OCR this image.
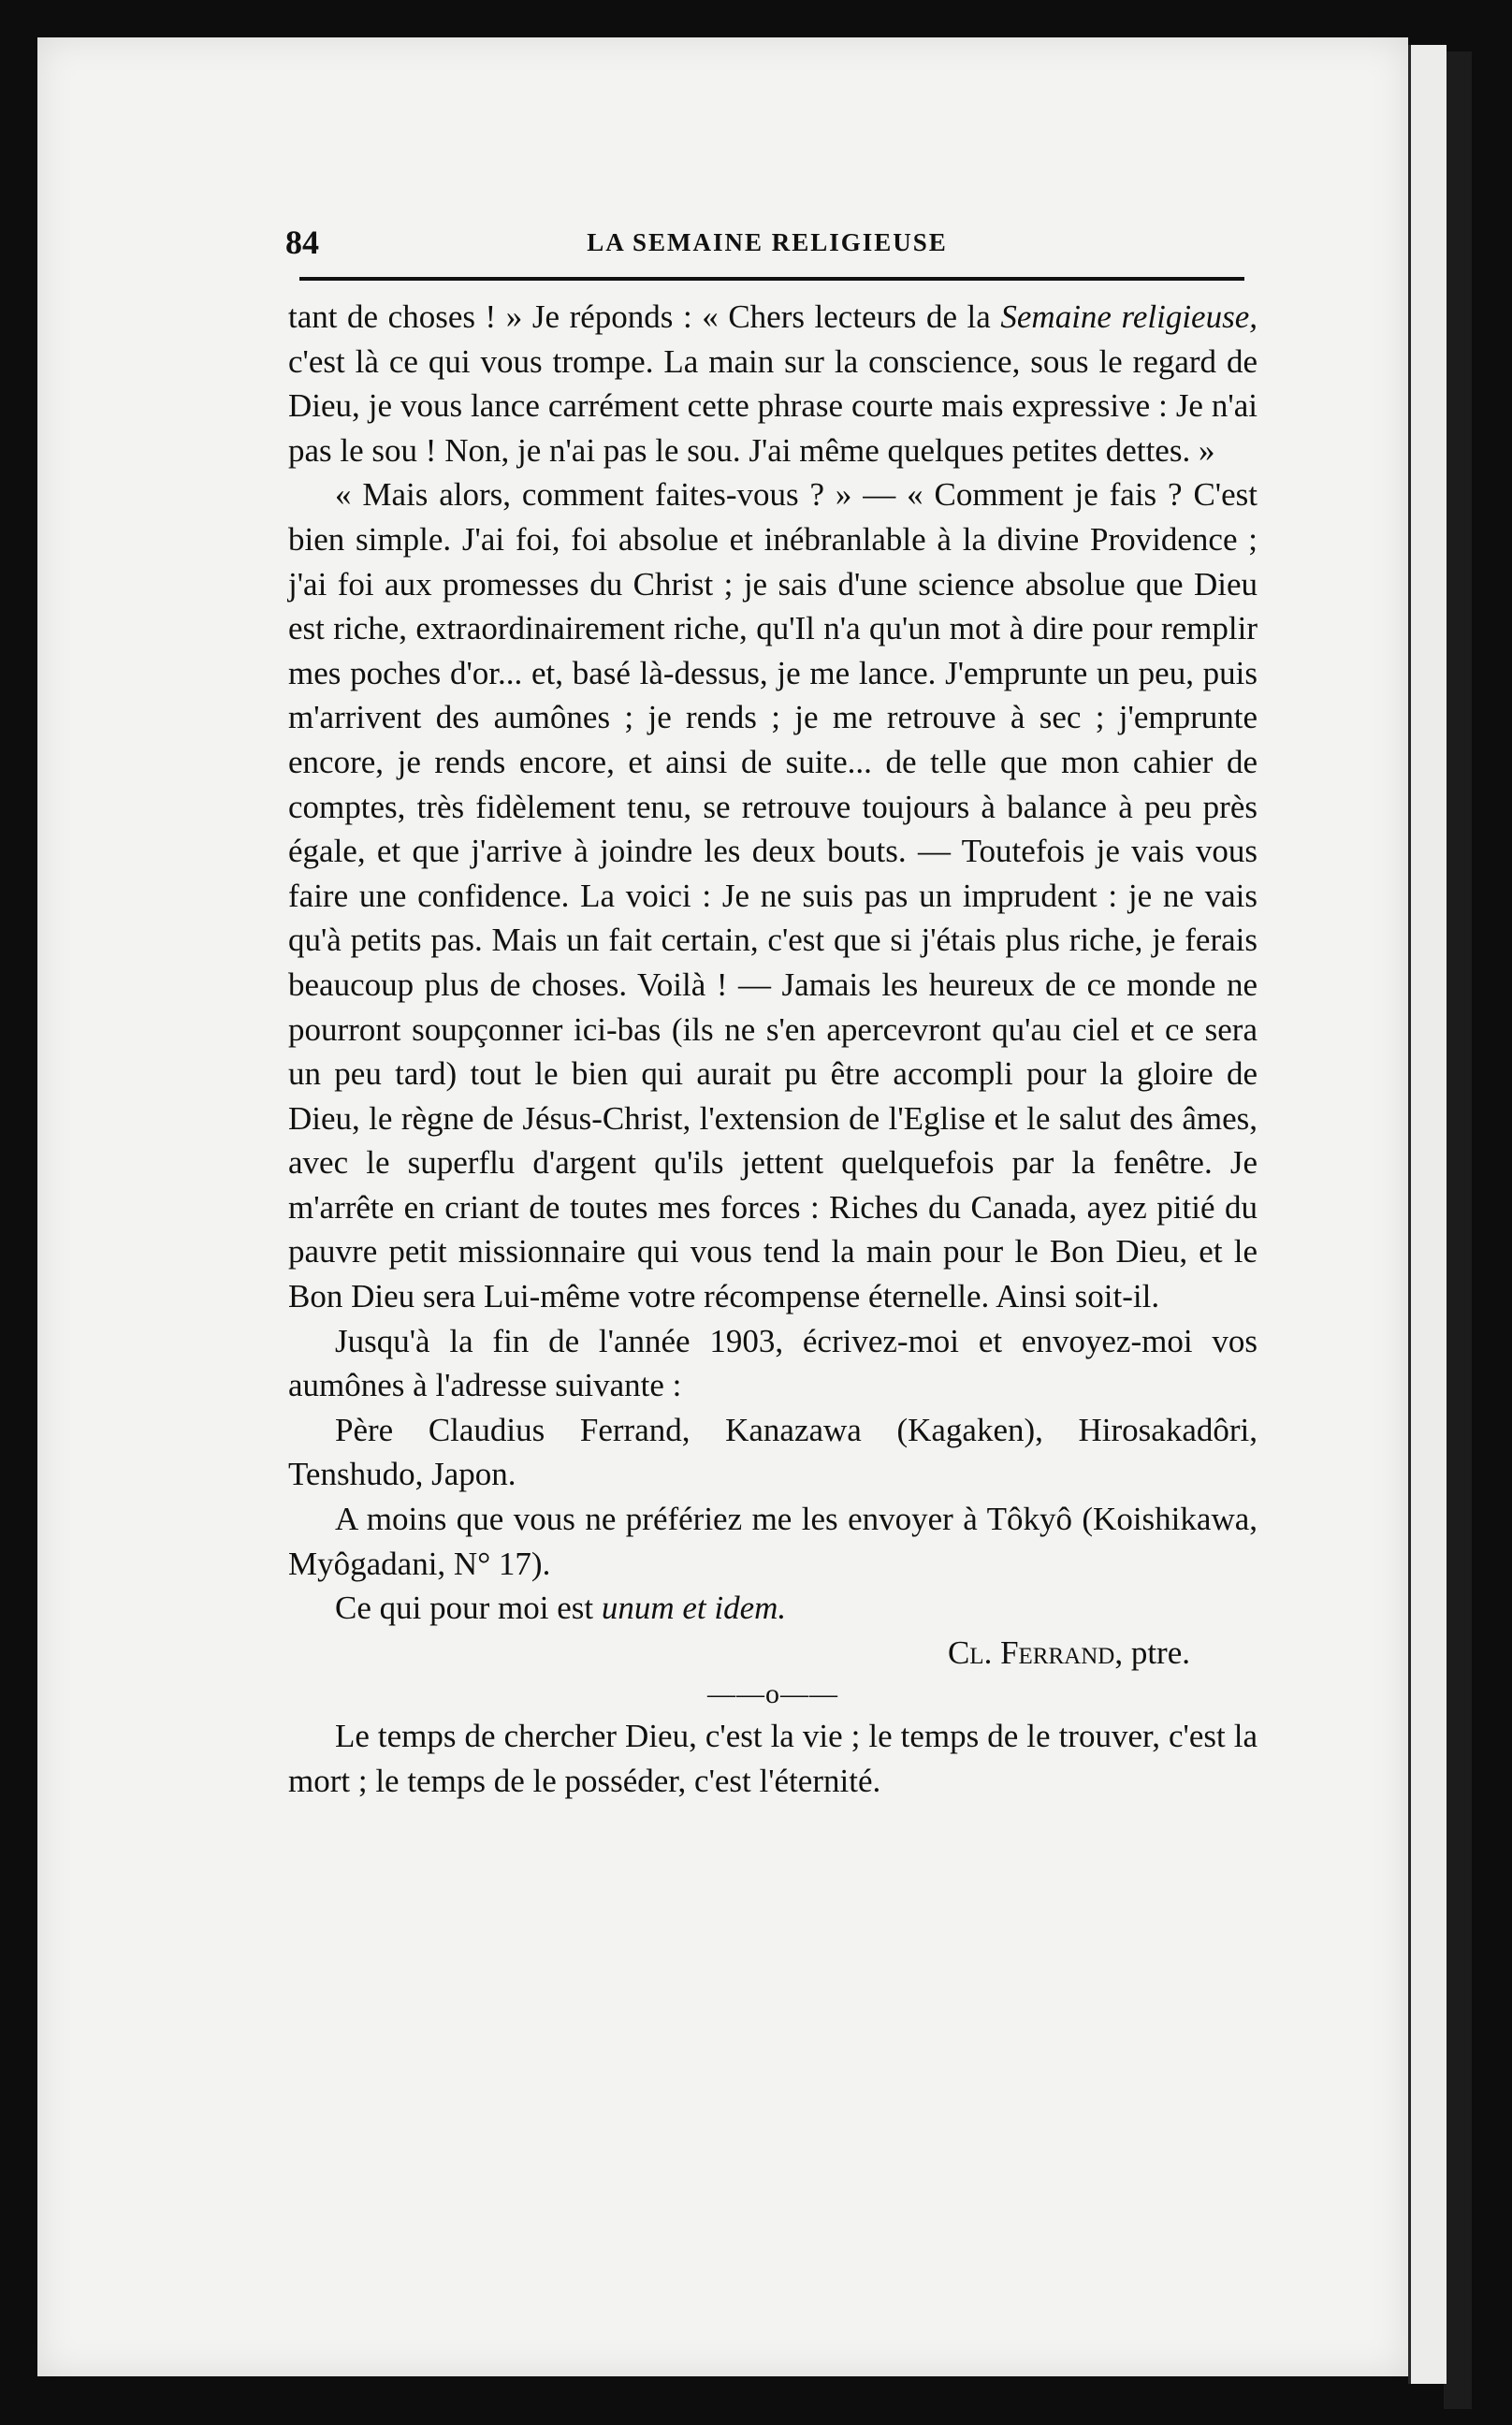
84	LA SEMAINE RELIGIEUSE

tant de choses ! » Je réponds : « Chers lecteurs de la Semaine religieuse, c'est là ce qui vous trompe. La main sur la conscience, sous le regard de Dieu, je vous lance carrément cette phrase courte mais expressive : Je n'ai pas le sou ! Non, je n'ai pas le sou. J'ai même quelques petites dettes. »

« Mais alors, comment faites-vous ? » — « Comment je fais ? C'est bien simple. J'ai foi, foi absolue et inébranlable à la divine Providence ; j'ai foi aux promesses du Christ ; je sais d'une science absolue que Dieu est riche, extraordinairement riche, qu'Il n'a qu'un mot à dire pour remplir mes poches d'or... et, basé là-dessus, je me lance. J'emprunte un peu, puis m'arrivent des aumônes ; je rends ; je me retrouve à sec ; j'emprunte encore, je rends encore, et ainsi de suite... de telle que mon cahier de comptes, très fidèlement tenu, se retrouve toujours à balance à peu près égale, et que j'arrive à joindre les deux bouts. — Toutefois je vais vous faire une confidence. La voici : Je ne suis pas un imprudent : je ne vais qu'à petits pas. Mais un fait certain, c'est que si j'étais plus riche, je ferais beaucoup plus de choses. Voilà ! — Jamais les heureux de ce monde ne pourront soupçonner ici-bas (ils ne s'en apercevront qu'au ciel et ce sera un peu tard) tout le bien qui aurait pu être accompli pour la gloire de Dieu, le règne de Jésus-Christ, l'extension de l'Eglise et le salut des âmes, avec le superflu d'argent qu'ils jettent quelquefois par la fenêtre. Je m'arrête en criant de toutes mes forces : Riches du Canada, ayez pitié du pauvre petit missionnaire qui vous tend la main pour le Bon Dieu, et le Bon Dieu sera Lui-même votre récompense éternelle. Ainsi soit-il.

Jusqu'à la fin de l'année 1903, écrivez-moi et envoyez-moi vos aumônes à l'adresse suivante :

Père Claudius Ferrand, Kanazawa (Kagaken), Hirosakadôri, Tenshudo, Japon.

A moins que vous ne préfériez me les envoyer à Tôkyô (Koishikawa, Myôgadani, N° 17).

Ce qui pour moi est unum et idem.

Cl. Ferrand, ptre.

——o——

Le temps de chercher Dieu, c'est la vie ; le temps de le trouver, c'est la mort ; le temps de le posséder, c'est l'éternité.
